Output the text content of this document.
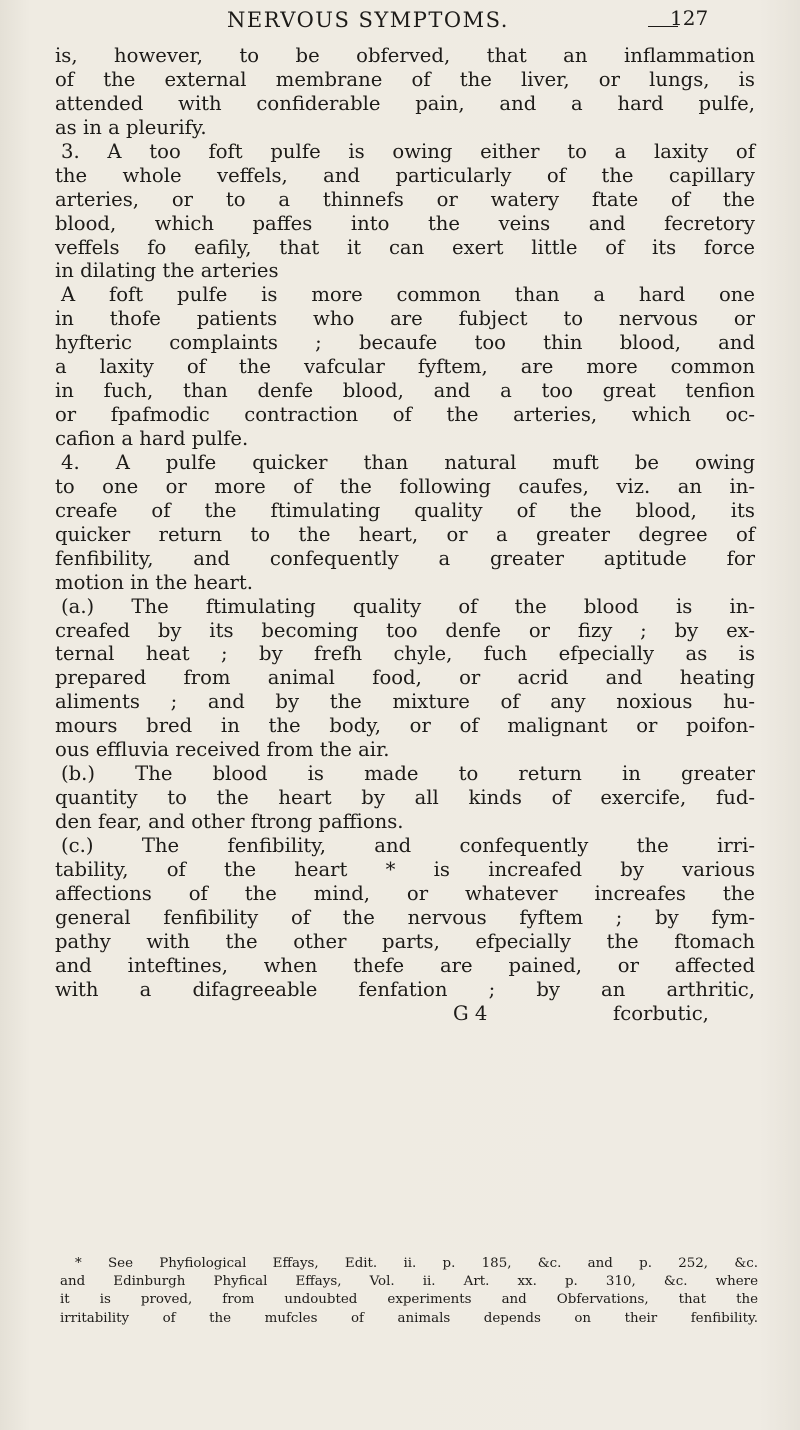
NERVOUS SYMPTOMS.	127
is, however, to be obferved, that an inflammation
of the external membrane of the liver, or lungs, is
attended with confiderable pain, and a hard pulfe,
as in a pleurify.
3. A too foft pulfe is owing either to a laxity of
the whole veffels, and particularly of the capillary
arteries, or to a thinnefs or watery ftate of the
blood, which paffes into the veins and fecretory
veffels fo eafily, that it can exert little of its force
in dilating the arteries
A foft pulfe is more common than a hard one
in thofe patients who are fubject to nervous or
hyfteric complaints ; becaufe too thin blood, and
a laxity of the vafcular fyftem, are more common
in fuch, than denfe blood, and a too great tenfion
or fpafmodic contraction of the arteries, which oc-
cafion a hard pulfe.
4. A pulfe quicker than natural muft be owing
to one or more of the following caufes, viz. an in-
creafe of the ftimulating quality of the blood, its
quicker return to the heart, or a greater degree of
fenfibility, and confequently a greater aptitude for
motion in the heart.
(a.) The ftimulating quality of the blood is in-
creafed by its becoming too denfe or fizy ; by ex-
ternal heat ; by frefh chyle, fuch efpecially as is
prepared from animal food, or acrid and heating
aliments ; and by the mixture of any noxious hu-
mours bred in the body, or of malignant or poifon-
ous effluvia received from the air.
(b.) The blood is made to return in greater
quantity to the heart by all kinds of exercife, fud-
den fear, and other ftrong paffions.
(c.) The fenfibility, and confequently the irri-
tability, of the heart * is increafed by various
affections of the mind, or whatever increafes the
general fenfibility of the nervous fyftem ; by fym-
pathy with the other parts, efpecially the ftomach
and inteftines, when thefe are pained, or affected
with a difagreeable fenfation ; by an arthritic,
G 4	fcorbutic,
* See Phyfiological Effays, Edit. ii. p. 185, &c. and p. 252, &c.
and Edinburgh Phyfical Effays, Vol. ii. Art. xx. p. 310, &c. where
it is proved, from undoubted experiments and Obfervations, that the
irritability of the mufcles of animals depends on their fenfibility.
